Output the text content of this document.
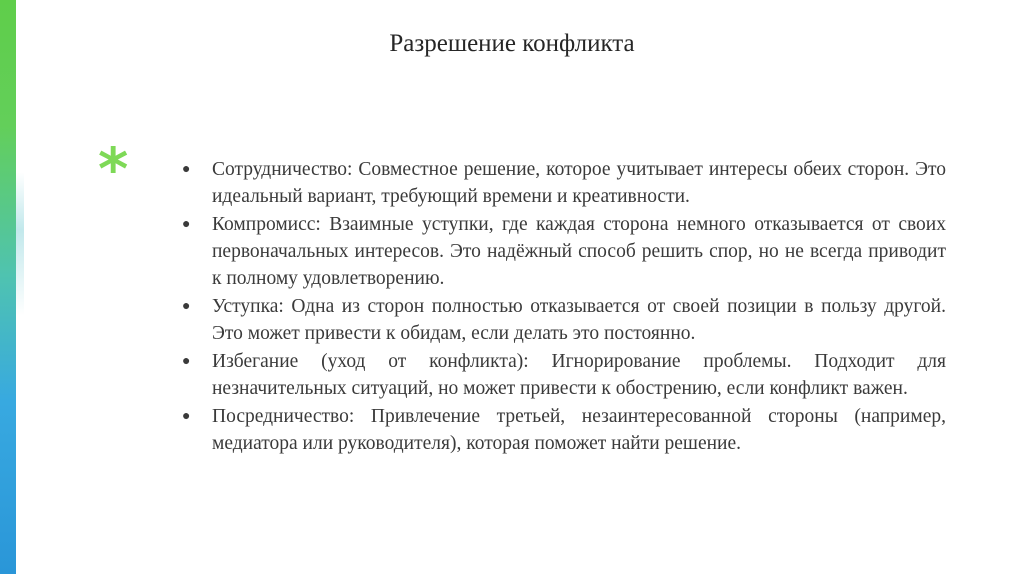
Разрешение конфликта
*	● Сотрудничество: Совместное решение, которое учитывает интересы обеих сторон. Это идеальный вариант, требующий времени и креативности.
● Компромисс: Взаимные уступки, где каждая сторона немного отказывается от своих первоначальных интересов. Это надёжный способ решить спор, но не всегда приводит к полному удовлетворению.
● Уступка: Одна из сторон полностью отказывается от своей позиции в пользу другой. Это может привести к обидам, если делать это постоянно.
● Избегание (уход от конфликта): Игнорирование проблемы. Подходит для незначительных ситуаций, но может привести к обострению, если конфликт важен.
● Посредничество: Привлечение третьей, незаинтересованной стороны (например, медиатора или руководителя), которая поможет найти решение.
